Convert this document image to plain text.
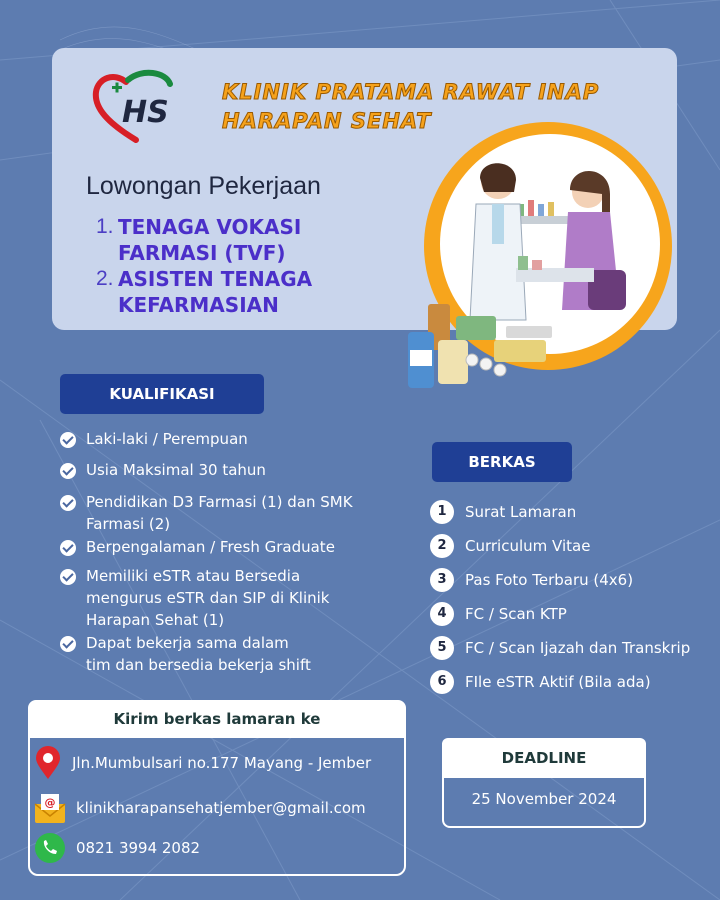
HS
KLINIK PRATAMA RAWAT INAP
HARAPAN SEHAT
Lowongan Pekerjaan
1. TENAGA VOKASI
FARMASI (TVF)
2. ASISTEN TENAGA
KEFARMASIAN
KUALIFIKASI
Laki-laki / Perempuan
Usia Maksimal 30 tahun
Pendidikan D3 Farmasi (1) dan SMK
Farmasi (2)
Berpengalaman / Fresh Graduate
Memiliki eSTR atau Bersedia
mengurus eSTR dan SIP di Klinik
Harapan Sehat (1)
Dapat bekerja sama dalam
tim dan bersedia bekerja shift
BERKAS
1	Surat Lamaran
2	Curriculum Vitae
3	Pas Foto Terbaru (4x6)
4	FC / Scan KTP
5	FC / Scan Ijazah dan Transkrip
6	FIle eSTR Aktif (Bila ada)
Kirim berkas lamaran ke
Jln.Mumbulsari no.177 Mayang - Jember
@ klinikharapansehatjember@gmail.com
0821 3994 2082
DEADLINE
25 November 2024
